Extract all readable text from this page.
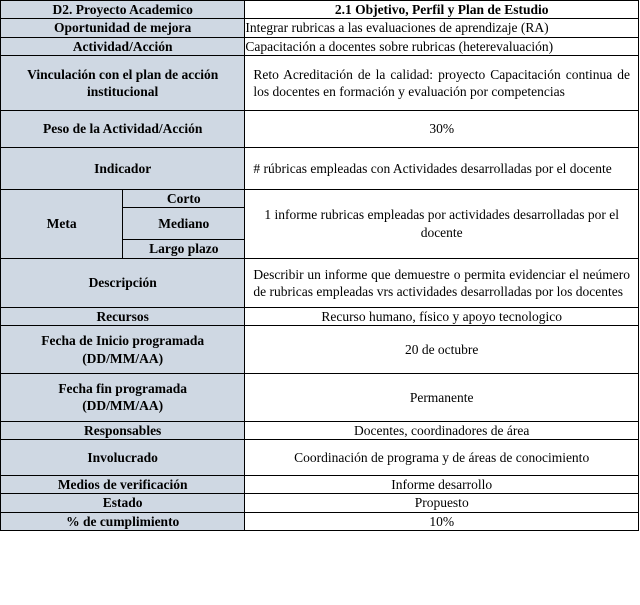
D2. Proyecto Academico		2.1 Objetivo, Perfil y Plan de Estudio
Oportunidad de mejora		Integrar rubricas a las evaluaciones de aprendizaje (RA)
Actividad/Acción		Capacitación a docentes sobre rubricas (heterevaluación)
Vinculación con el plan de acción institucional		Reto Acreditación de la calidad: proyecto Capacitación continua de los docentes en formación y evaluación por competencias
Peso de la Actividad/Acción		30%
Indicador		# rúbricas empleadas con Actividades desarrolladas por el docente
Meta	Corto	1 informe rubricas empleadas por actividades desarrolladas por el docente
	Mediano	
	Largo plazo	
Descripción		Describir un informe que demuestre o permita evidenciar el neúmero de rubricas empleadas vrs actividades desarrolladas por los docentes
Recursos		Recurso humano, físico y apoyo tecnologico

Fecha de Inicio programada
(DD/MM/AA)		20 de octubre

Fecha fin programada
(DD/MM/AA)		Permanente
Responsables		Docentes, coordinadores de área
Involucrado		Coordinación de programa y de áreas de conocimiento
Medios de verificación		Informe desarrollo
Estado		Propuesto
% de cumplimiento		10%
